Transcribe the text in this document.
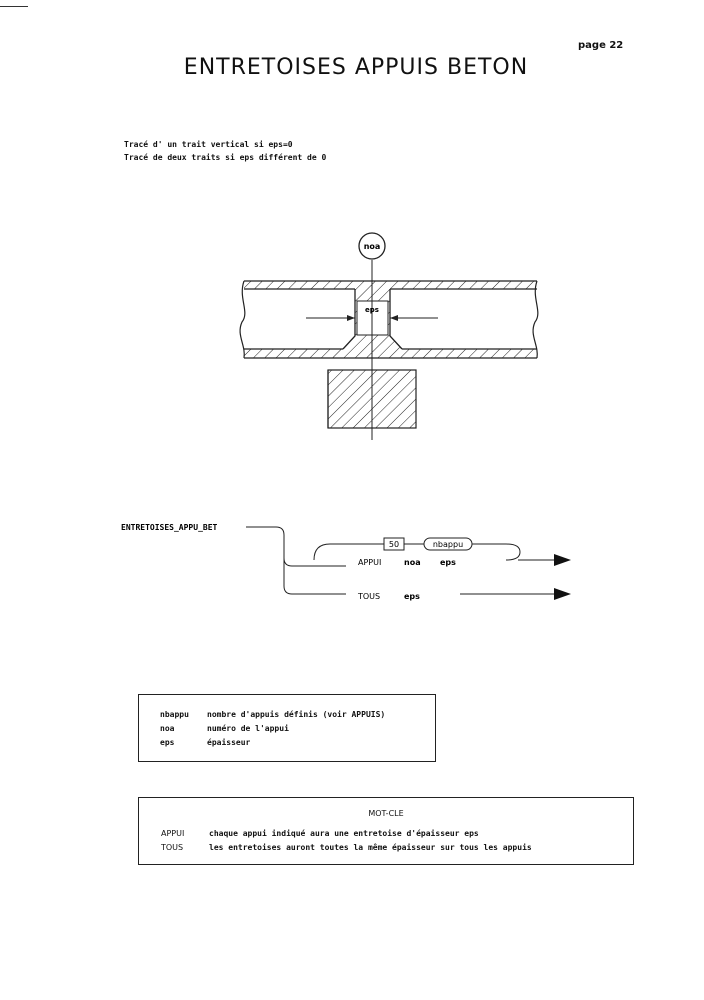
page 22
ENTRETOISES APPUIS BETON
Tracé d' un trait vertical si eps=0
Tracé de deux traits si eps différent de 0
noa
eps
ENTRETOISES_APPU_BET
50	nbappu
APPUI	noa eps
TOUS	eps
nbappu nombre d'appuis définis (voir APPUIS)
noa	numéro de l'appui
eps	épaisseur
MOT-CLE
APPUI	chaque appui indiqué aura une entretoise d'épaisseur eps
TOUS	les entretoises auront toutes la même épaisseur sur tous les appuis
